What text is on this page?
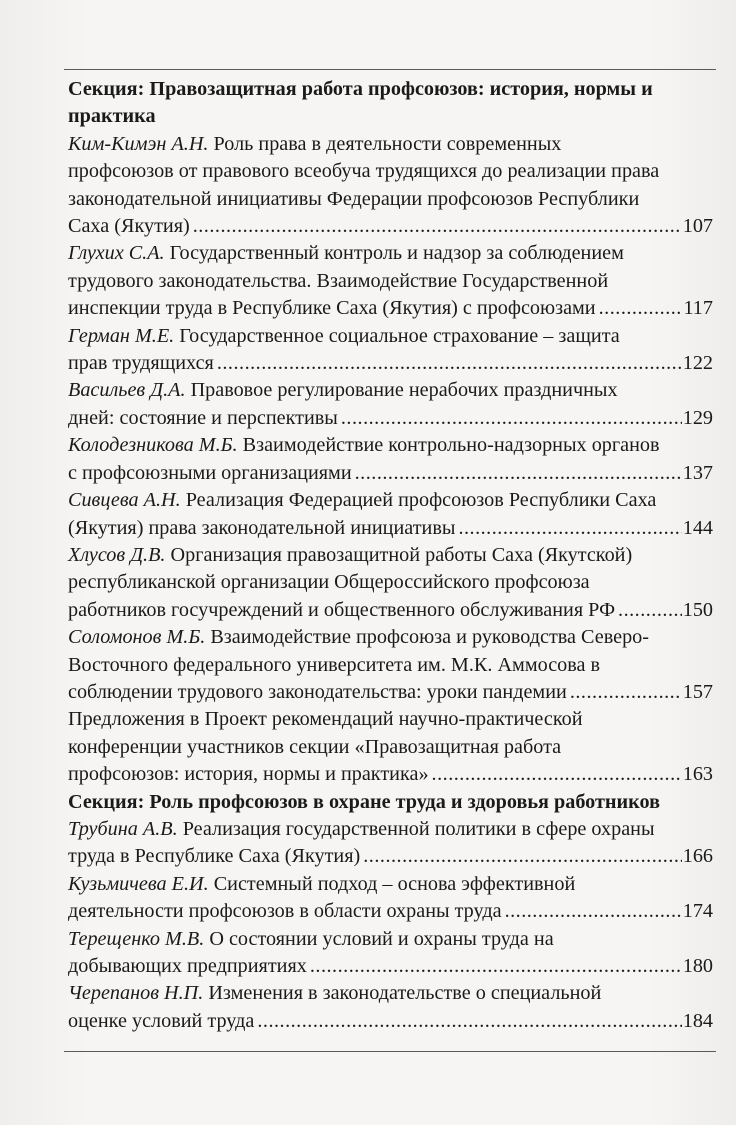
Секция: Правозащитная работа профсоюзов: история, нормы и
практика
Ким-Кимэн А.Н. Роль права в деятельности современных
профсоюзов от правового всеобуча трудящихся до реализации права
законодательной инициативы Федерации профсоюзов Республики
Саха (Якутия) .....	107
Глухих С.А. Государственный контроль и надзор за соблюдением
трудового законодательства. Взаимодействие Государственной
инспекции труда в Республике Саха (Якутия) с профсоюзами .....	117
Герман М.Е. Государственное социальное страхование – защита
прав трудящихся .....	122
Васильев Д.А. Правовое регулирование нерабочих праздничных
дней: состояние и перспективы .....	129
Колодезникова М.Б. Взаимодействие контрольно-надзорных органов
с профсоюзными организациями .....	137
Сивцева А.Н. Реализация Федерацией профсоюзов Республики Саха
(Якутия) права законодательной инициативы .....	144
Хлусов Д.В. Организация правозащитной работы Саха (Якутской)
республиканской организации Общероссийского профсоюза
работников госучреждений и общественного обслуживания РФ .....	150
Соломонов М.Б. Взаимодействие профсоюза и руководства Северо-
Восточного федерального университета им. М.К. Аммосова в
соблюдении трудового законодательства: уроки пандемии .....	157
Предложения в Проект рекомендаций научно-практической
конференции участников секции «Правозащитная работа
профсоюзов: история, нормы и практика» .....	163
Секция: Роль профсоюзов в охране труда и здоровья работников
Трубина А.В. Реализация государственной политики в сфере охраны
труда в Республике Саха (Якутия) .....	166
Кузьмичева Е.И. Системный подход – основа эффективной
деятельности профсоюзов в области охраны труда .....	174
Терещенко М.В. О состоянии условий и охраны труда на
добывающих предприятиях .....	180
Черепанов Н.П. Изменения в законодательстве о специальной
оценке условий труда .....	184
